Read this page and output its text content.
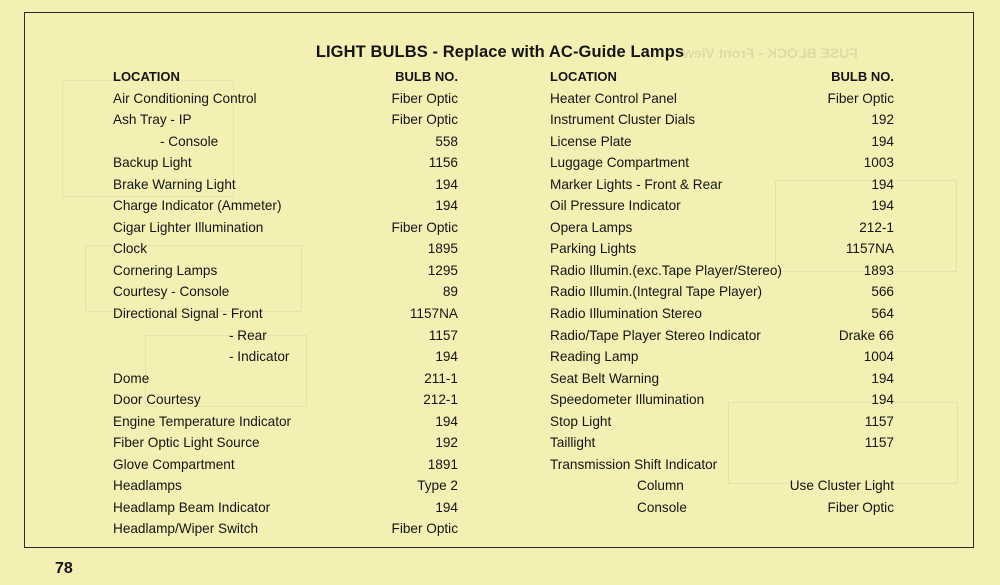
FUSE BLOCK - Front View
LIGHT BULBS - Replace with AC-Guide Lamps
LOCATION	BULB NO.
Air Conditioning Control	Fiber Optic
Ash Tray - IP	Fiber Optic
- Console	558
Backup Light	1156
Brake Warning Light	194
Charge Indicator (Ammeter)	194
Cigar Lighter Illumination	Fiber Optic
Clock	1895
Cornering Lamps	1295
Courtesy - Console	89
Directional Signal - Front	1157NA
- Rear	1157
- Indicator	194
Dome	211-1
Door Courtesy	212-1
Engine Temperature Indicator	194
Fiber Optic Light Source	192
Glove Compartment	1891
Headlamps	Type 2
Headlamp Beam Indicator	194
Headlamp/Wiper Switch	Fiber Optic
LOCATION	BULB NO.
Heater Control Panel	Fiber Optic
Instrument Cluster Dials	192
License Plate	194
Luggage Compartment	1003
Marker Lights - Front & Rear	194
Oil Pressure Indicator	194
Opera Lamps	212-1
Parking Lights	1157NA
Radio Illumin.(exc.Tape Player/Stereo)	1893
Radio Illumin.(Integral Tape Player)	566
Radio Illumination Stereo	564
Radio/Tape Player Stereo Indicator	Drake 66
Reading Lamp	1004
Seat Belt Warning	194
Speedometer Illumination	194
Stop Light	1157
Taillight	1157
Transmission Shift Indicator
Column	Use Cluster Light
Console	Fiber Optic
78
